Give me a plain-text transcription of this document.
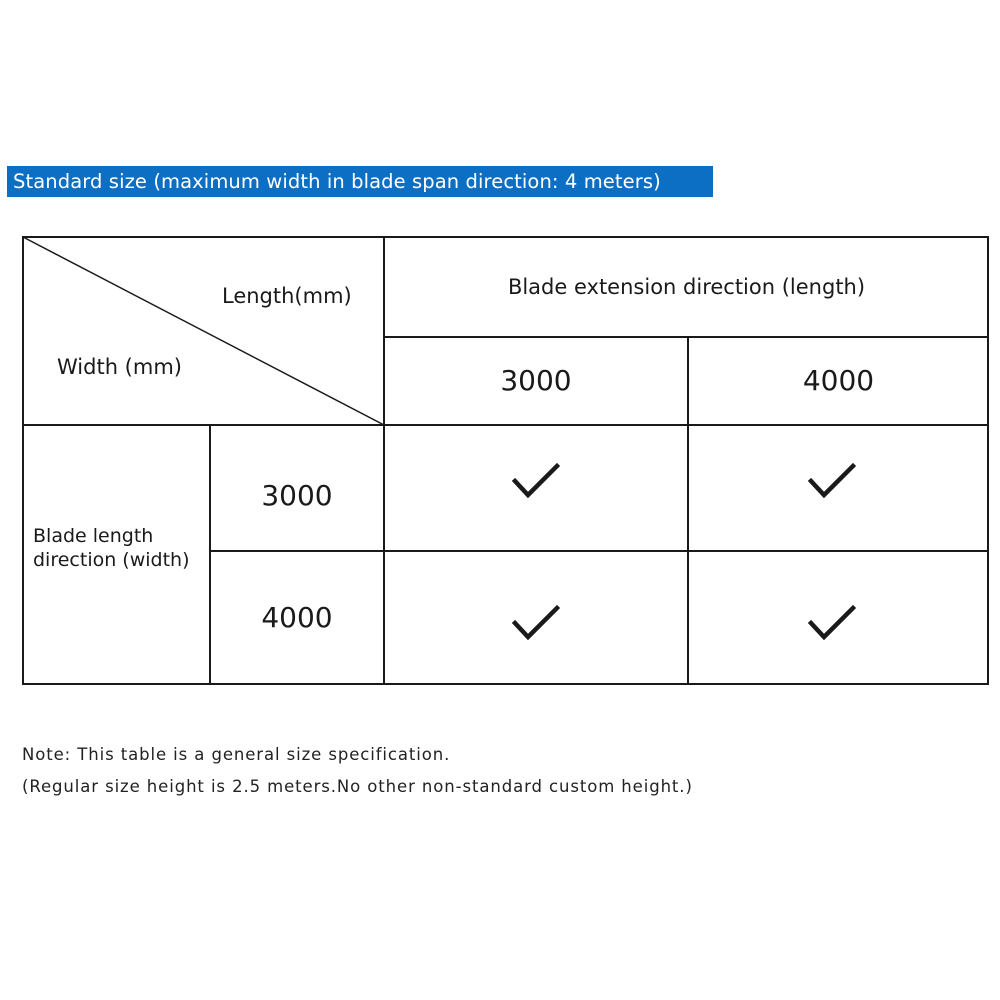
Standard size (maximum width in blade span direction: 4 meters)
Length(mm)
Width (mm)
Blade extension direction (length)
3000	4000
Blade length direction (width)
3000
4000
Note: This table is a general size specification.
(Regular size height is 2.5 meters.No other non-standard custom height.)
